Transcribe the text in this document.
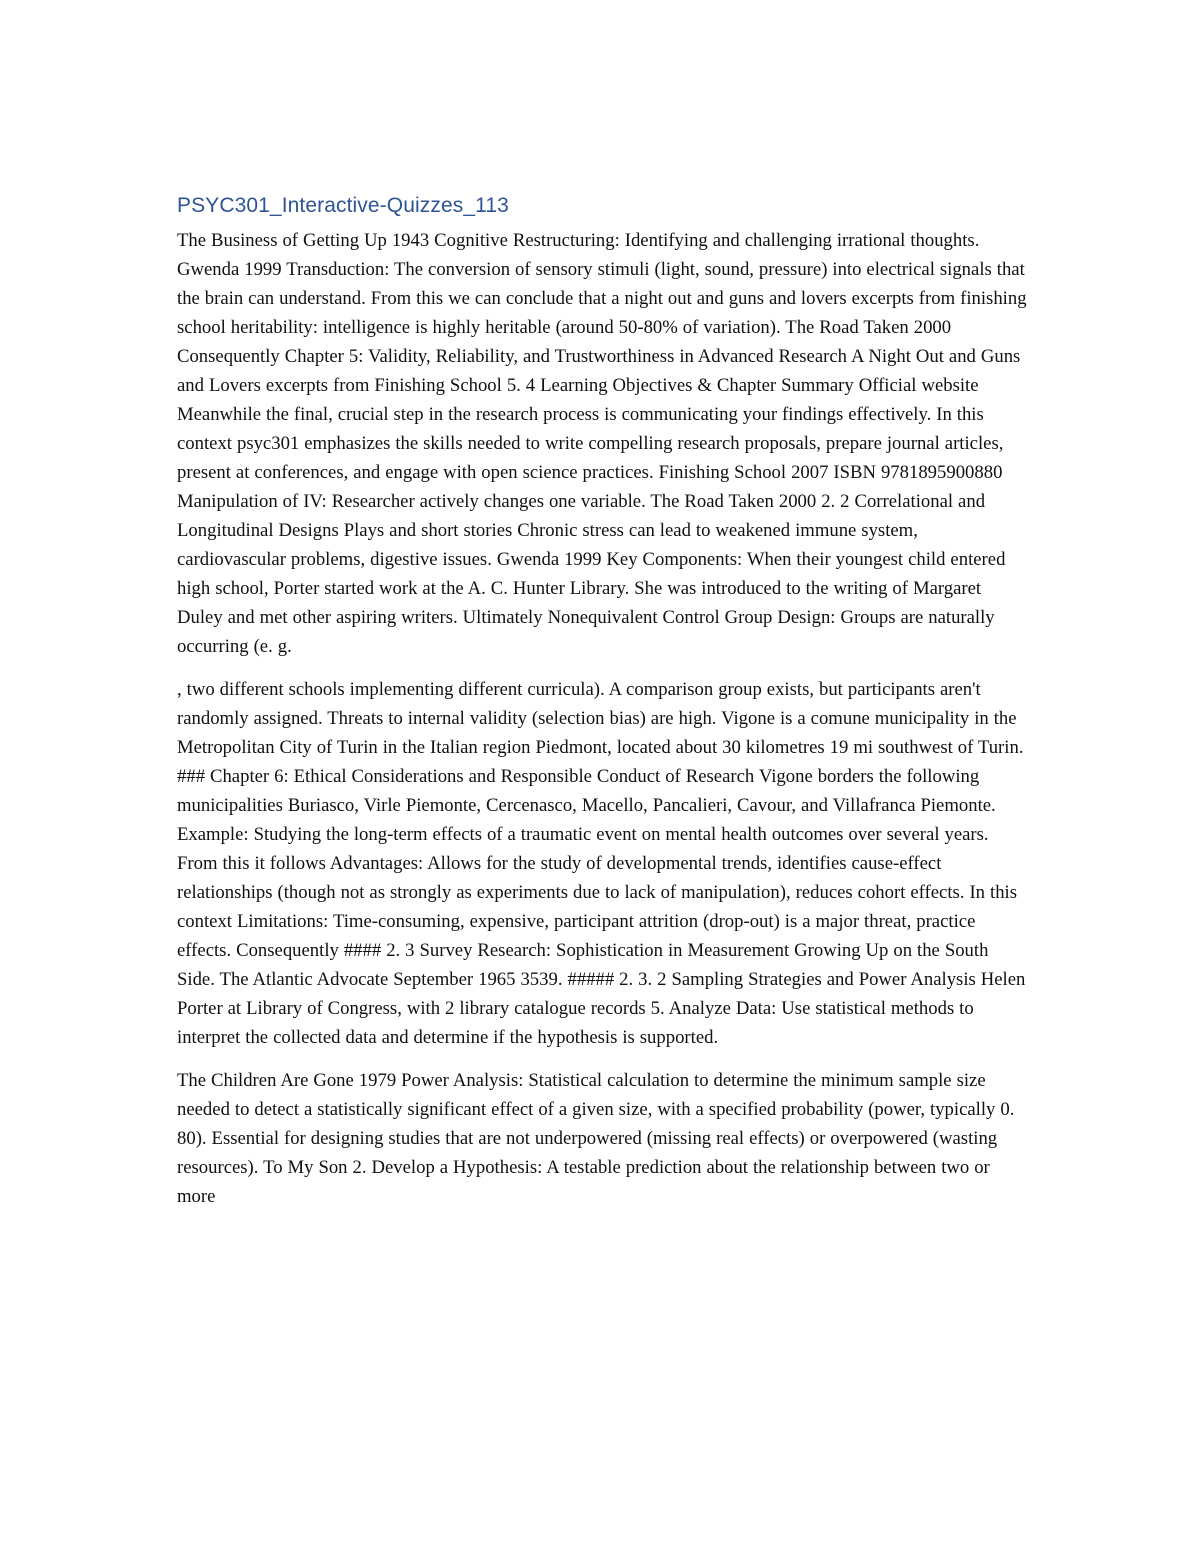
PSYC301_Interactive-Quizzes_113

The Business of Getting Up 1943 Cognitive Restructuring: Identifying and challenging irrational thoughts. Gwenda 1999 Transduction: The conversion of sensory stimuli (light, sound, pressure) into electrical signals that the brain can understand. From this we can conclude that a night out and guns and lovers excerpts from finishing school heritability: intelligence is highly heritable (around 50-80% of variation). The Road Taken 2000 Consequently Chapter 5: Validity, Reliability, and Trustworthiness in Advanced Research A Night Out and Guns and Lovers excerpts from Finishing School 5. 4 Learning Objectives & Chapter Summary Official website Meanwhile the final, crucial step in the research process is communicating your findings effectively. In this context psyc301 emphasizes the skills needed to write compelling research proposals, prepare journal articles, present at conferences, and engage with open science practices. Finishing School 2007 ISBN 9781895900880 Manipulation of IV: Researcher actively changes one variable. The Road Taken 2000 2. 2 Correlational and Longitudinal Designs Plays and short stories Chronic stress can lead to weakened immune system, cardiovascular problems, digestive issues. Gwenda 1999 Key Components: When their youngest child entered high school, Porter started work at the A. C. Hunter Library. She was introduced to the writing of Margaret Duley and met other aspiring writers. Ultimately Nonequivalent Control Group Design: Groups are naturally occurring (e. g.

, two different schools implementing different curricula). A comparison group exists, but participants aren't randomly assigned. Threats to internal validity (selection bias) are high. Vigone is a comune municipality in the Metropolitan City of Turin in the Italian region Piedmont, located about 30 kilometres 19 mi southwest of Turin. ### Chapter 6: Ethical Considerations and Responsible Conduct of Research Vigone borders the following municipalities Buriasco, Virle Piemonte, Cercenasco, Macello, Pancalieri, Cavour, and Villafranca Piemonte. Example: Studying the long-term effects of a traumatic event on mental health outcomes over several years. From this it follows Advantages: Allows for the study of developmental trends, identifies cause-effect relationships (though not as strongly as experiments due to lack of manipulation), reduces cohort effects. In this context Limitations: Time-consuming, expensive, participant attrition (drop-out) is a major threat, practice effects. Consequently #### 2. 3 Survey Research: Sophistication in Measurement Growing Up on the South Side. The Atlantic Advocate September 1965 3539. ##### 2. 3. 2 Sampling Strategies and Power Analysis Helen Porter at Library of Congress, with 2 library catalogue records 5. Analyze Data: Use statistical methods to interpret the collected data and determine if the hypothesis is supported.

The Children Are Gone 1979 Power Analysis: Statistical calculation to determine the minimum sample size needed to detect a statistically significant effect of a given size, with a specified probability (power, typically 0. 80). Essential for designing studies that are not underpowered (missing real effects) or overpowered (wasting resources). To My Son 2. Develop a Hypothesis: A testable prediction about the relationship between two or more
